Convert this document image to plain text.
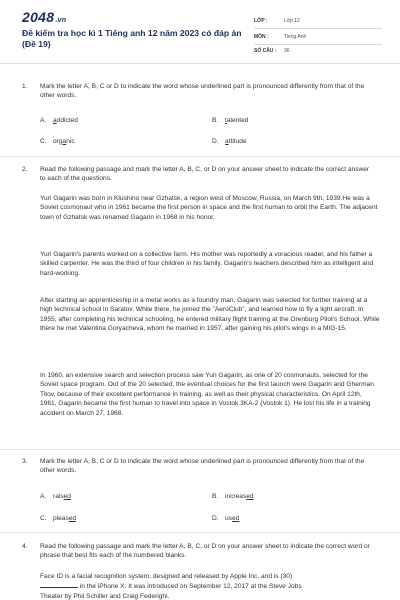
2048.vn
Đề kiểm tra học kì 1 Tiếng anh 12 năm 2023 có đáp án (Đề 19)
LỚP :	Lớp 12
MÔN :	Tiếng Anh
SỐ CÂU : 36
1. Mark the letter A, B, C or D to indicate the word whose underlined part is pronounced differently from that of the other words.
A. addicted	B. talented
C. organic	D. attitude
2. Read the following passage and mark the letter A, B, C, or D on your answer sheet to indicate the correct answer to each of the questions.
Yuri Gagarin was born in Klushino near Gzhatsk, a region west of Moscow, Russia, on March 9th, 1939.He was a Soviet cosmonaut who in 1961 became the first person in space and the first human to orbit the Earth. The adjacent town of Gzhatsk was renamed Gagarin in 1968 in his honor.
Yuri Gagarin's parents worked on a collective farm. His mother was reportedly a voracious reader, and his father a skilled carpenter. He was the third of four children in his family. Gagarin's teachers described him as intelligent and hard-working.
After starting an apprenticeship in a metal works as a foundry man, Gagarin was selected for further training at a high technical school in Saratov. While there, he joined the "AeroClub", and learned how to fly a light aircraft. In 1955, after completing his technical schooling, he entered military flight training at the Orenburg Pilot's School. While there he met Valentina Goryacheva, whom he married in 1957, after gaining his pilot's wings in a MIG-15.
In 1960, an extensive search and selection process saw Yuri Gagarin, as one of 20 cosmonauts, selected for the Soviet space program. Out of the 20 selected, the eventual choices for the first launch were Gagarin and Gherman Titov, because of their excellent performance in training, as well as their physical characteristics. On April 12th, 1961, Gagarin became the first human to travel into space in Vostok 3KA-2 (Vostok 1). He lost his life in a training accident on March 27, 1968.
3. Mark the letter A, B, C or D to indicate the word whose underlined part is pronounced differently from that of the other words.
A. raised	B. increased
C. pleased	D. used
4. Read the following passage and mark the letter A, B, C, or D on your answer sheet to indicate the correct word or phrase that best fits each of the numbered blanks.
Face ID is a facial recognition system, designed and released by Apple Inc. and is (30)
in the iPhone X. It was introduced on September 12, 2017 at the Steve Jobs
Theater by Phil Schiller and Craig Federighi.
